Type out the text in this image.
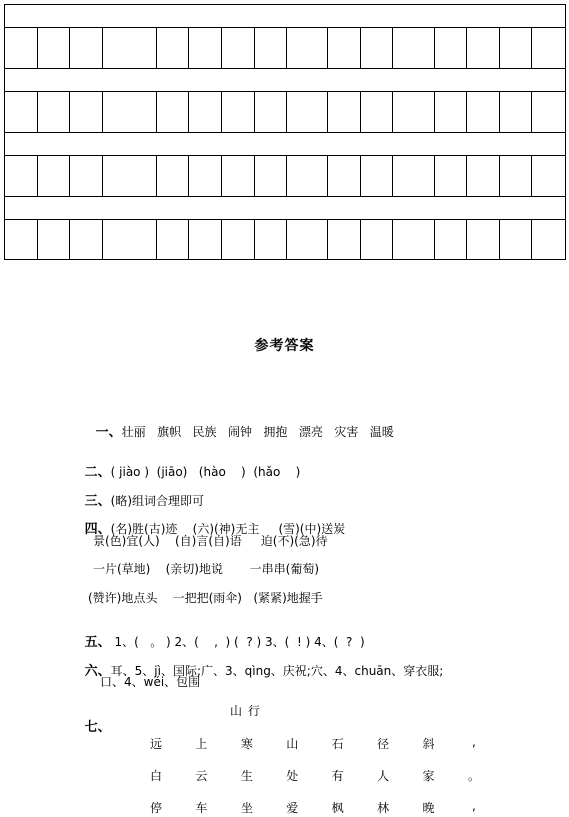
参考答案

一、壮丽   旗帜   民族   闹钟   拥抱   漂亮   灾害   温暖

二、( jiào )  (jiāo)   (hào    )  (hǎo    )

三、(略)组词合理即可

四、(名)胜(古)迹    (六)(神)无主     (雪)(中)送炭

景(色)宜(人)    (自)言(自)语     迫(不)(急)待
一片(草地)    (亲切)地说       一串串(葡萄)
(赞许)地点头    一把把(雨伞)   (紧紧)地握手

五、 1、(   。 ) 2、(    ,  ) (  ? ) 3、(  ! ) 4、(  ?  )

六、耳、5、jì、国际;广、3、qìng、庆祝;穴、4、chuān、穿衣服;

口、4、wéi、包围

七、

山行
远	上	寒	山	石	径	斜	,
白	云	生	处	有	人	家	。
停	车	坐	爱	枫	林	晚	,
